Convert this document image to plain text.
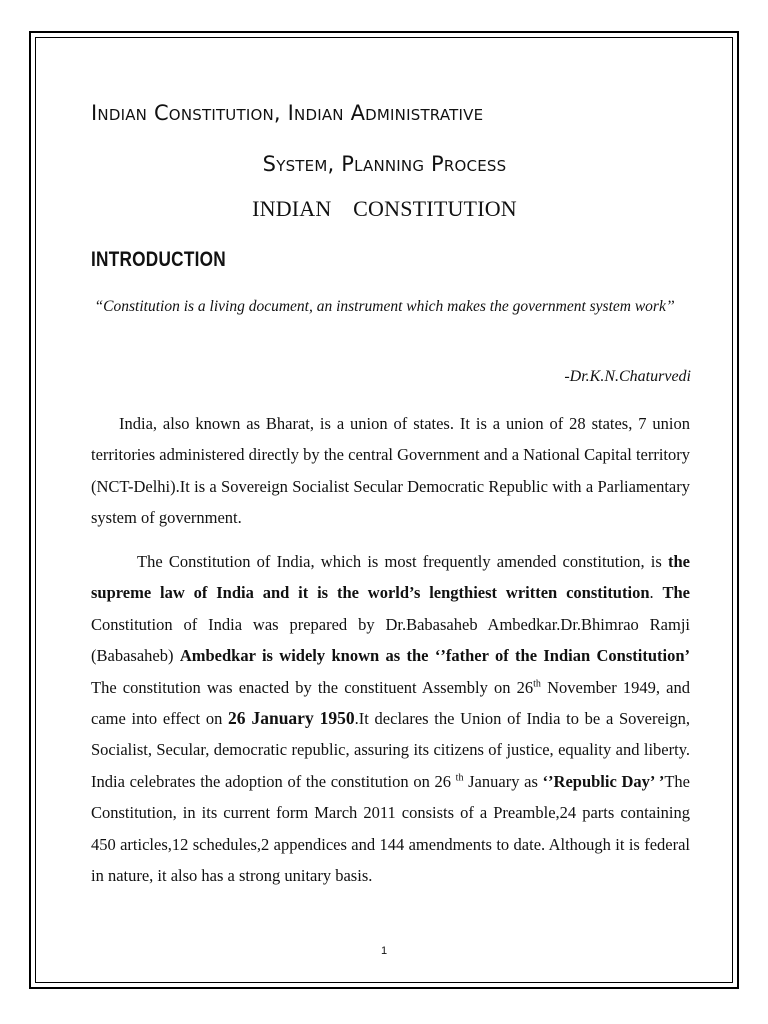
Indian Constitution, Indian Administrative
System, Planning Process
INDIAN CONSTITUTION
INTRODUCTION
“Constitution is a living document, an instrument which makes the government system work’’
-Dr.K.N.Chaturvedi

India, also known as Bharat, is a union of states. It is a union of 28 states, 7 union territories administered directly by the central Government and a National Capital territory (NCT-Delhi).It is a Sovereign Socialist Secular Democratic Republic with a Parliamentary system of government.

The Constitution of India, which is most frequently amended constitution, is the supreme law of India and it is the world’s lengthiest written constitution. The Constitution of India was prepared by Dr.Babasaheb Ambedkar.Dr.Bhimrao Ramji (Babasaheb) Ambedkar is widely known as the ‘’father of the Indian Constitution’ The constitution was enacted by the constituent Assembly on 26th November 1949, and came into effect on 26 January 1950.It declares the Union of India to be a Sovereign, Socialist, Secular, democratic republic, assuring its citizens of justice, equality and liberty. India celebrates the adoption of the constitution on 26 $^{th}$ January as ‘’Republic Day’ ’The Constitution, in its current form March 2011 consists of a Preamble,24 parts containing 450 articles,12 schedules,2 appendices and 144 amendments to date. Although it is federal in nature, it also has a strong unitary basis.

1
